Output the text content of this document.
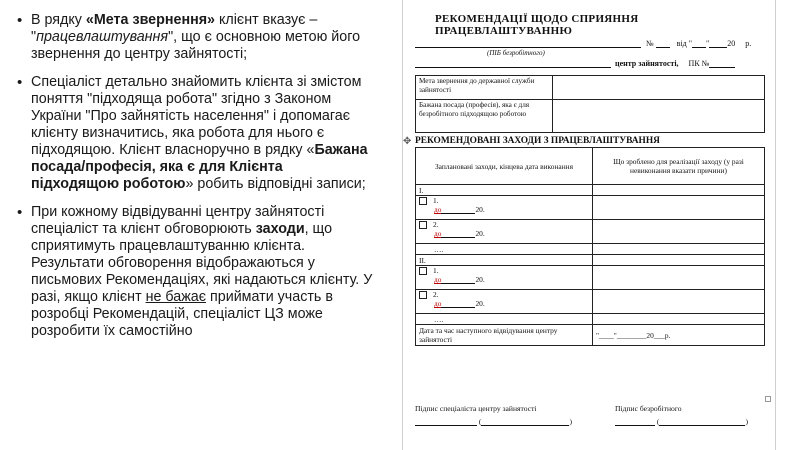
• В рядку «Мета звернення» клієнт вказує – "працевлаштування", що є основною метою його звернення до центру зайнятості;
• Спеціаліст детально знайомить клієнта зі змістом поняття "підходяща робота" згідно з Законом України "Про зайнятість населення" і допомагає клієнту визначитись, яка робота для нього є підходящою. Клієнт власноручно в рядку «Бажана посада/професія, яка є для Клієнта підходящою роботою» робить відповідні записи;
• При кожному відвідуванні центру зайнятості спеціаліст та клієнт обговорюють заходи, що сприятимуть працевлаштуванню клієнта. Результати обговорення відображаються у письмових Рекомендаціях, які надаються клієнту. У разі, якщо клієнт не бажає приймати участь в розробці Рекомендацій, спеціаліст ЦЗ може розробити їх самостійно
РЕКОМЕНДАЦІЇ ЩОДО СПРИЯННЯ ПРАЦЕВЛАШТУВАННЮ
№	від " " 20 р.
(ПІБ безробітного)
центр зайнятості, ПК №
Мета звернення до державної служби зайнятості	
Бажана посада (професія), яка є для безробітного підходящою роботою	
✥ РЕКОМЕНДОВАНІ ЗАХОДИ З ПРАЦЕВЛАШТУВАННЯ
Заплановані заходи, кінцева дата виконання	Що зроблено для реалізації заходу (у разі невиконання вказати причини)
I.	
1.
до 20.	
2.
до 20.	
….	
II.	
1.
до 20.	
2.
до 20.	
….	
Дата та час наступного відвідування центру зайнятості	"____"________20___р.
Підпис спеціаліста центру зайнятості	Підпис безробітного
(	)	(	)
